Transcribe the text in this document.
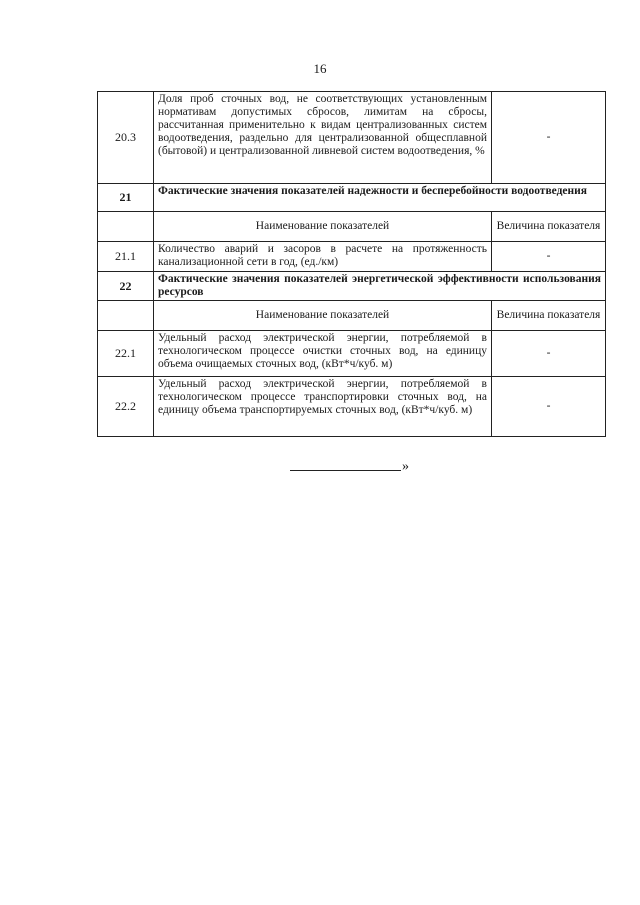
16
20.3	Доля проб сточных вод, не соответствующих установленным нормативам допустимых сбросов, лимитам на сбросы, рассчитанная применительно к видам централизованных систем водоотведения, раздельно для централизованной общесплавной (бытовой) и централизованной ливневой систем водоотведения, %	-
21	Фактические значения показателей надежности и бесперебойности водоотведения	
	Наименование показателей	Величина показателя
21.1	Количество аварий и засоров в расчете на протяженность канализационной сети в год, (ед./км)	-
22	Фактические значения показателей энергетической эффективности использования ресурсов	
	Наименование показателей	Величина показателя
22.1	Удельный расход электрической энергии, потребляемой в технологическом процессе очистки сточных вод, на единицу объема очищаемых сточных вод, (кВт*ч/куб. м)	-
22.2	Удельный расход электрической энергии, потребляемой в технологическом процессе транспортировки сточных вод, на единицу объема транспортируемых сточных вод, (кВт*ч/куб. м)	-
»
